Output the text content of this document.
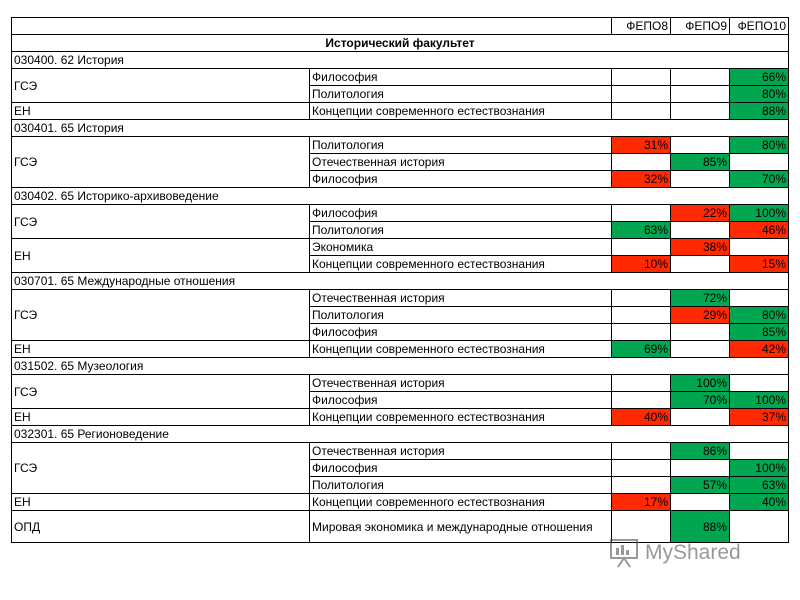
		ФЕПО8	ФЕПО9	ФЕПО10
Исторический факультет				
030400. 62 История				
ГСЭ	Философия			66%
	Политология			80%
ЕН	Концепции современного естествознания			88%
030401. 65 История				
ГСЭ	Политология	31%		80%
	Отечественная история		85%	
	Философия	32%		70%
030402. 65 Историко-архивоведение				
ГСЭ	Философия		22%	100%
	Политология	63%		46%
ЕН	Экономика		38%	
	Концепции современного естествознания	10%		15%
030701. 65 Международные отношения				
ГСЭ	Отечественная история		72%	
	Политология		29%	80%
	Философия			85%
ЕН	Концепции современного естествознания	69%		42%
031502. 65 Музеология				
ГСЭ	Отечественная история		100%	
	Философия		70%	100%
ЕН	Концепции современного естествознания	40%		37%
032301. 65 Регионоведение				
ГСЭ	Отечественная история		86%	
	Философия			100%
	Политология		57%	63%
ЕН	Концепции современного естествознания	17%		40%
ОПД	Мировая экономика и международные отношения		88%	
MyShared
